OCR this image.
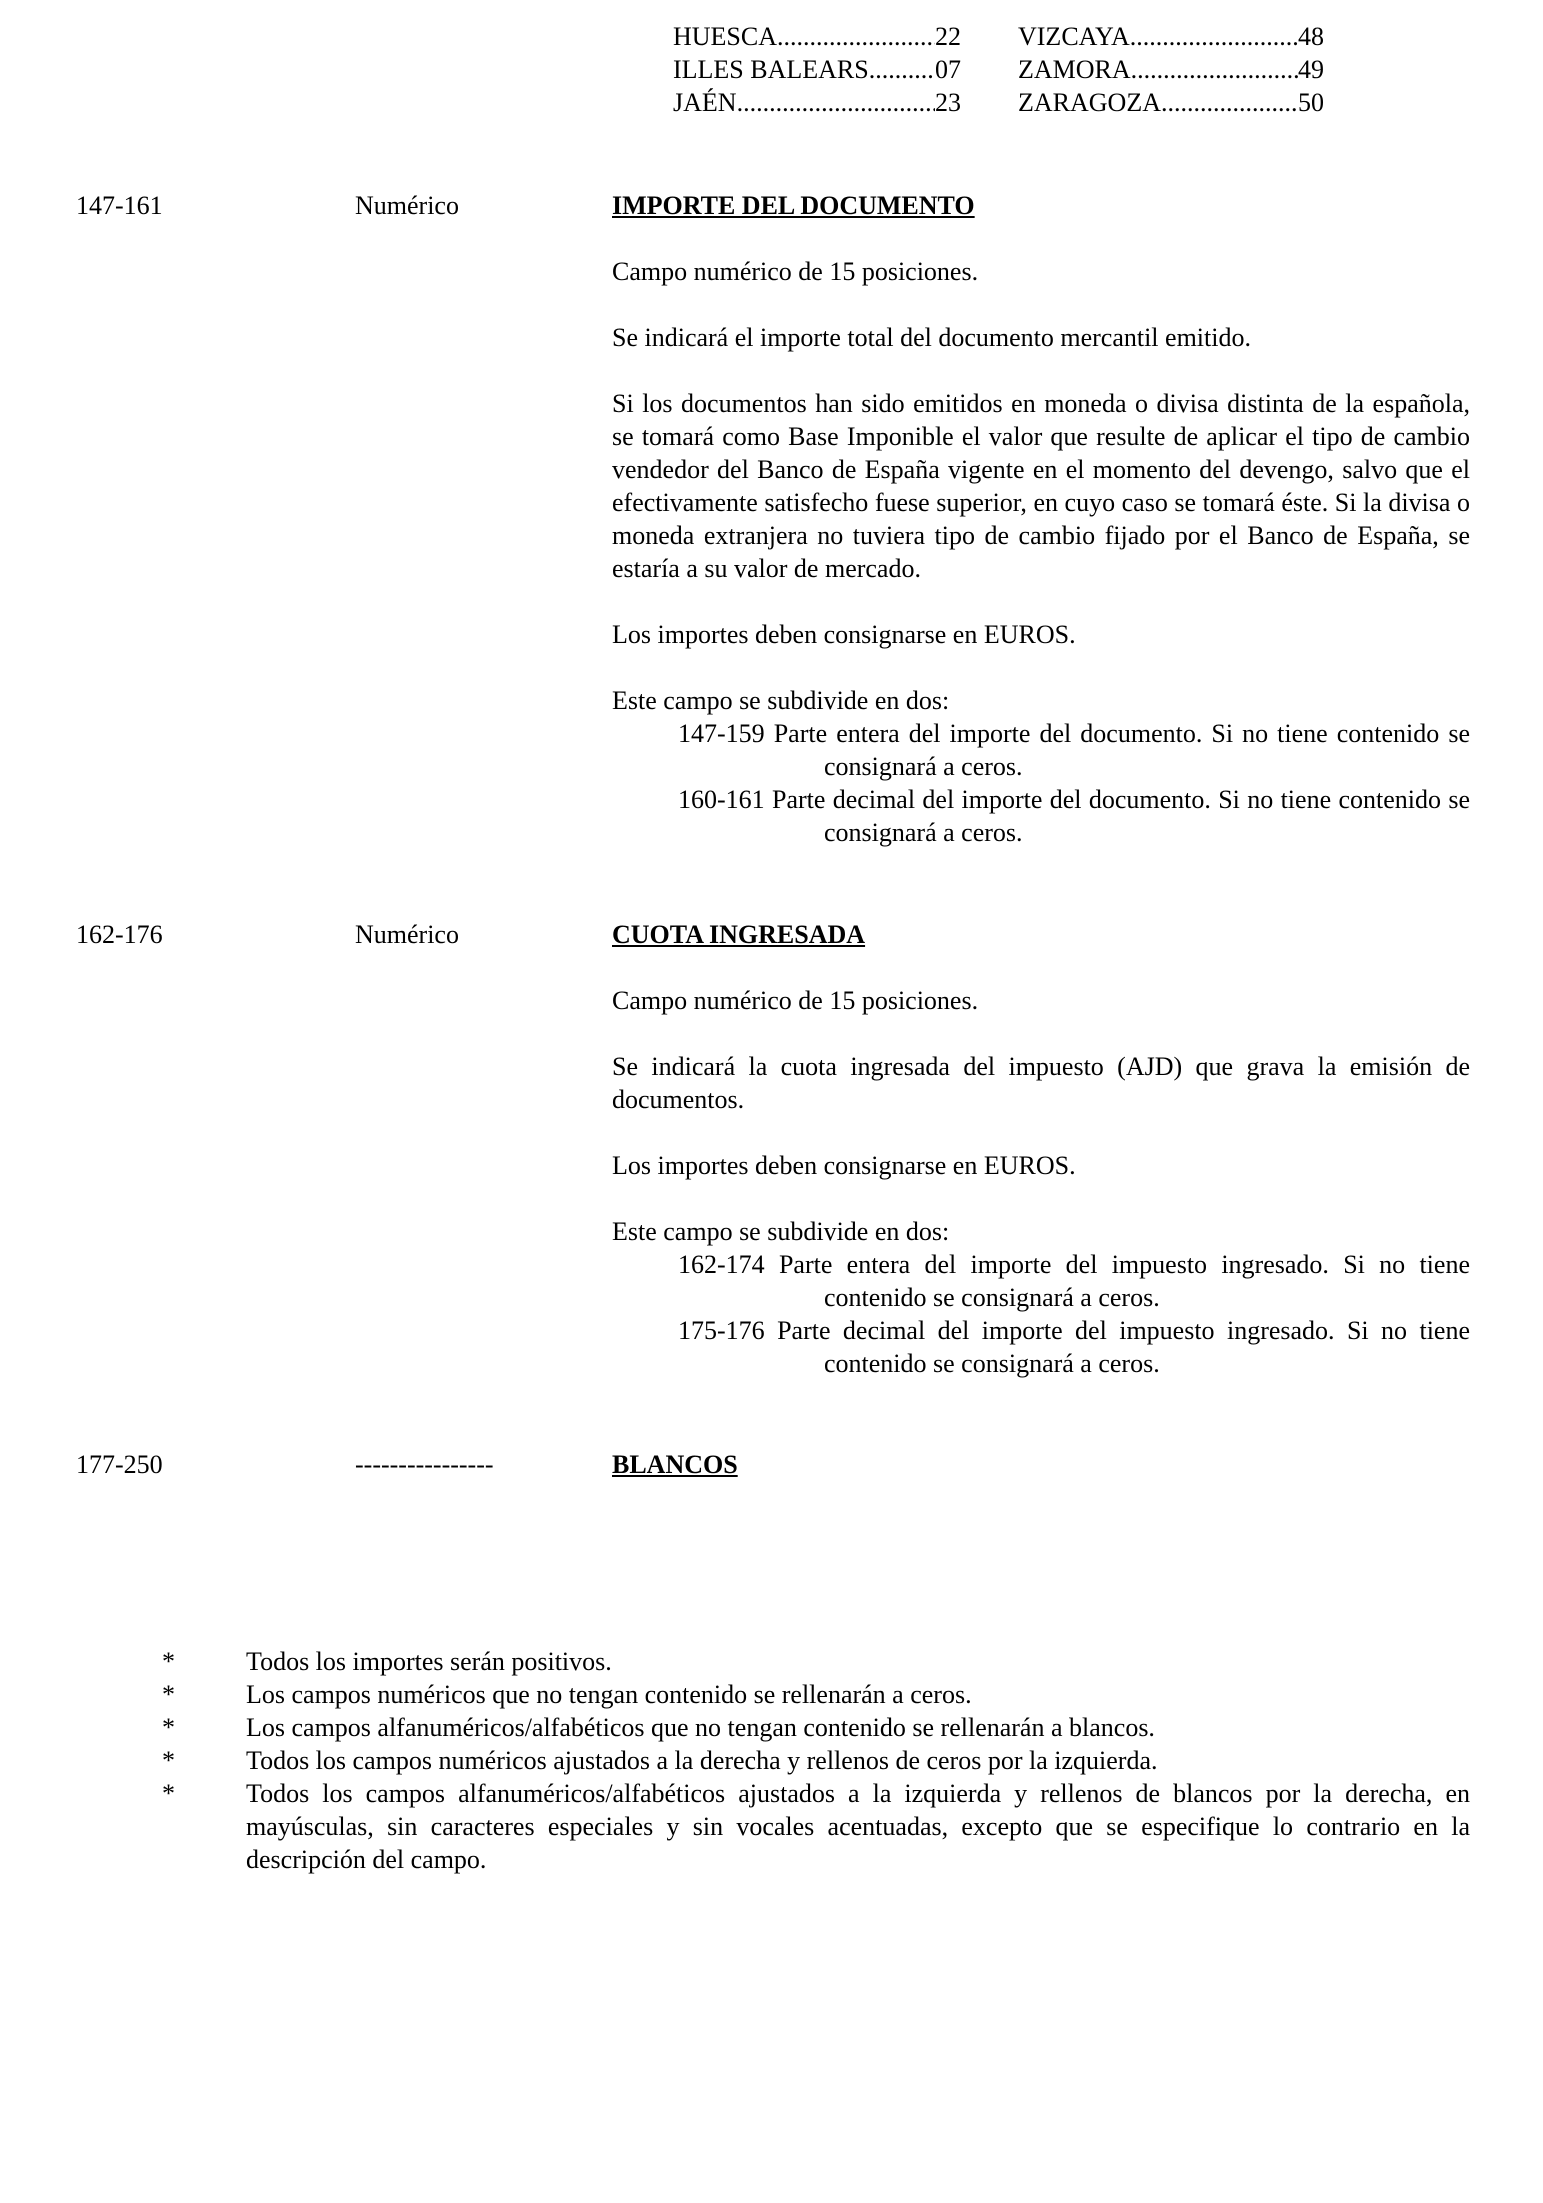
HUESCA .....	22
ILLES BALEARS .....	07
JAÉN .....	23
VIZCAYA .....	48
ZAMORA .....	49
ZARAGOZA .....	50
147-161	Numérico	IMPORTE DEL DOCUMENTO

Campo numérico de 15 posiciones.

Se indicará el importe total del documento mercantil emitido.

Si los documentos han sido emitidos en moneda o divisa distinta de la española, se tomará como Base Imponible el valor que resulte de aplicar el tipo de cambio vendedor del Banco de España vigente en el momento del devengo, salvo que el efectivamente satisfecho fuese superior, en cuyo caso se tomará éste. Si la divisa o moneda extranjera no tuviera tipo de cambio fijado por el Banco de España, se estaría a su valor de mercado.

Los importes deben consignarse en EUROS.

Este campo se subdivide en dos:

147-159 Parte entera del importe del documento. Si no tiene contenido se consignará a ceros.

160-161 Parte decimal del importe del documento. Si no tiene contenido se consignará a ceros.

162-176	Numérico	CUOTA INGRESADA

Campo numérico de 15 posiciones.

Se indicará la cuota ingresada del impuesto (AJD) que grava la emisión de documentos.

Los importes deben consignarse en EUROS.

Este campo se subdivide en dos:

162-174 Parte entera del importe del impuesto ingresado. Si no tiene contenido se consignará a ceros.

175-176 Parte decimal del importe del impuesto ingresado. Si no tiene contenido se consignará a ceros.

177-250	----------------	BLANCOS

*	Todos los importes serán positivos.
*	Los campos numéricos que no tengan contenido se rellenarán a ceros.
*	Los campos alfanuméricos/alfabéticos que no tengan contenido se rellenarán a blancos.
*	Todos los campos numéricos ajustados a la derecha y rellenos de ceros por la izquierda.
*	Todos los campos alfanuméricos/alfabéticos ajustados a la izquierda y rellenos de blancos por la derecha, en mayúsculas, sin caracteres especiales y sin vocales acentuadas, excepto que se especifique lo contrario en la descripción del campo.
